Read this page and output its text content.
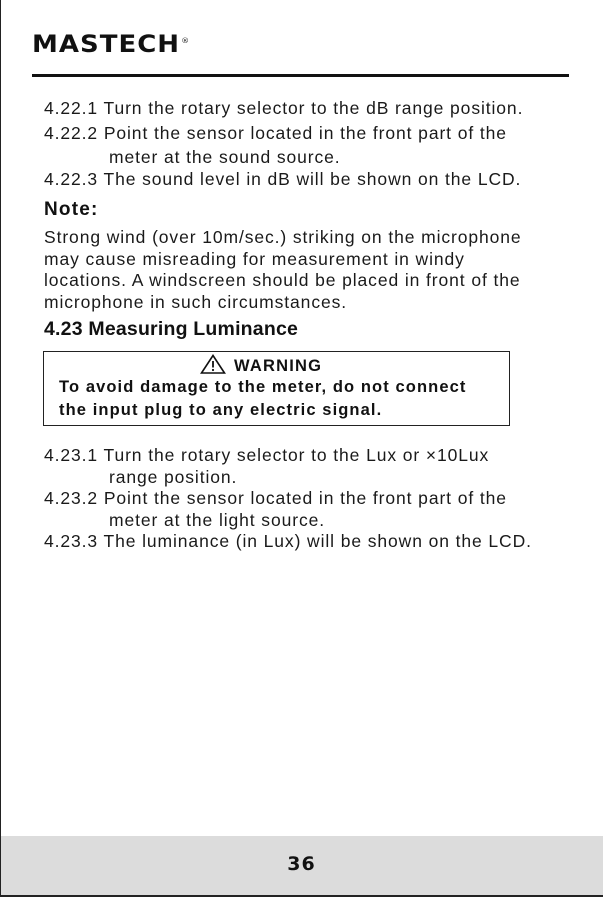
MASTECH®
4.22.1 Turn the rotary selector to the dB range position.
4.22.2 Point the sensor located in the front part of the
meter at the sound source.
4.22.3 The sound level in dB will be shown on the LCD.
Note:
Strong wind (over 10m/sec.) striking on the microphone
may cause misreading for measurement in windy
locations. A windscreen should be placed in front of the
microphone in such circumstances.
4.23 Measuring Luminance
WARNING
To avoid damage to the meter, do not connect
the input plug to any electric signal.
4.23.1 Turn the rotary selector to the Lux or ×10Lux
range position.
4.23.2 Point the sensor located in the front part of the
meter at the light source.
4.23.3 The luminance (in Lux) will be shown on the LCD.
36
